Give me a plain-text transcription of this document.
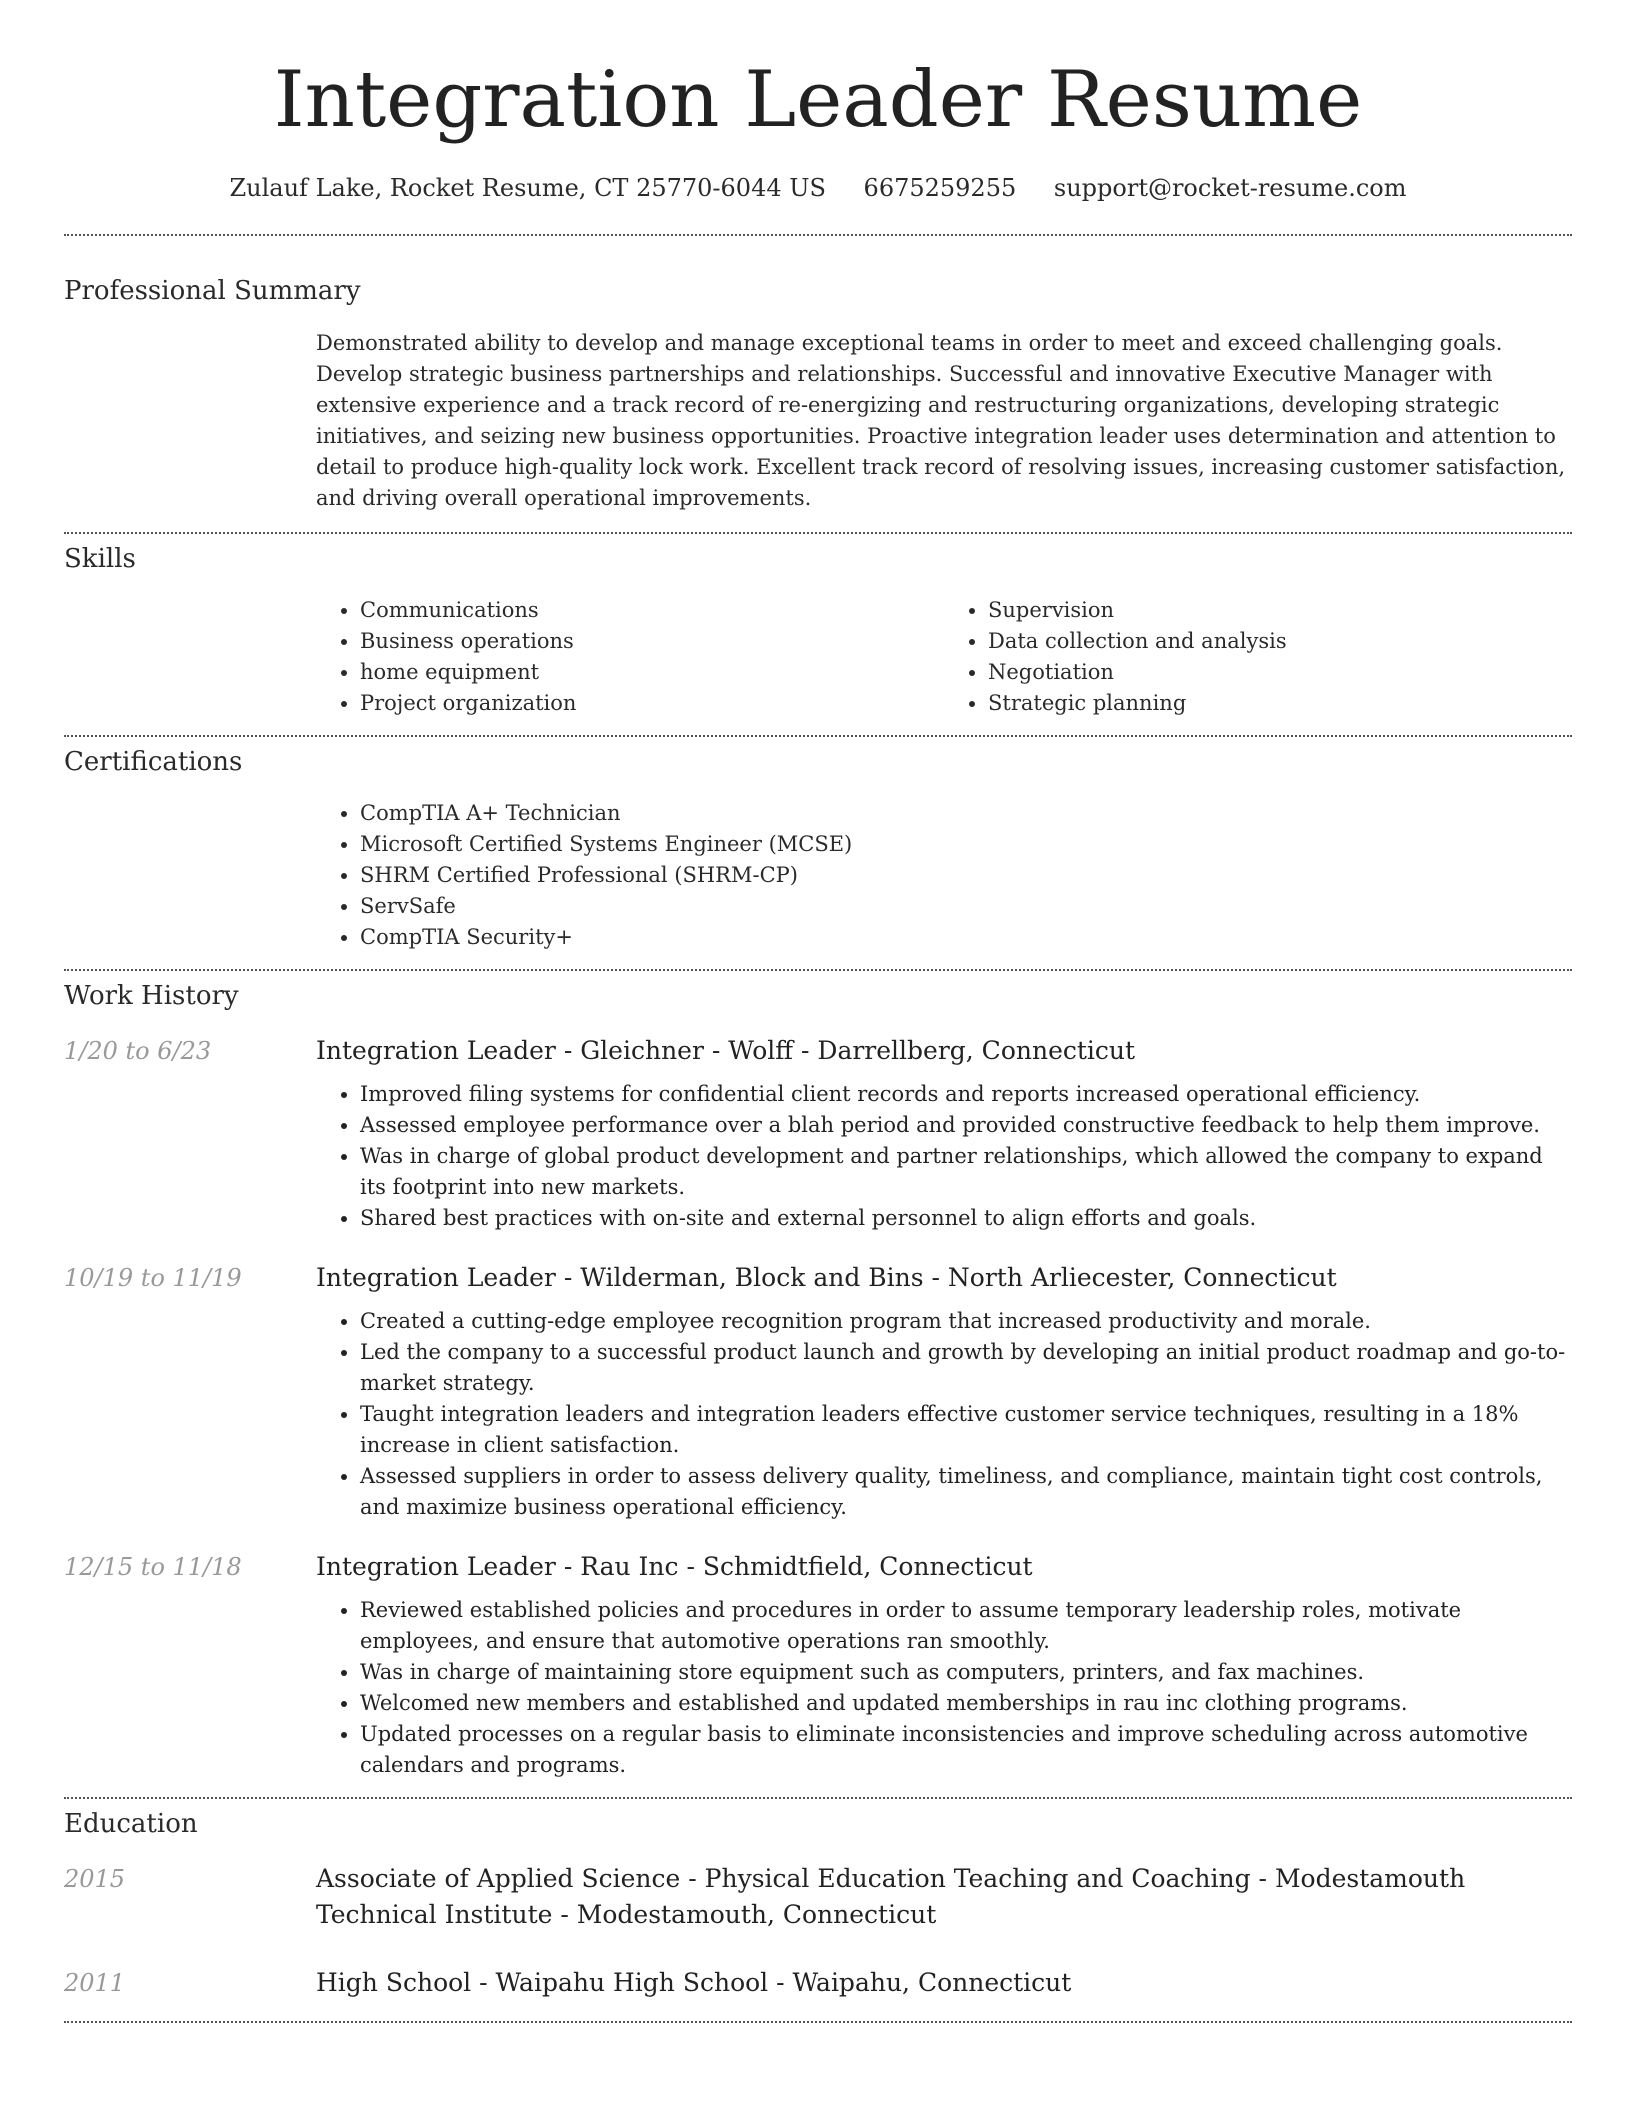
Integration Leader Resume
Zulauf Lake, Rocket Resume, CT 25770-6044 US 6675259255 support@rocket-resume.com
Professional Summary

Demonstrated ability to develop and manage exceptional teams in order to meet and exceed challenging goals. Develop strategic business partnerships and relationships. Successful and innovative Executive Manager with extensive experience and a track record of re-energizing and restructuring organizations, developing strategic initiatives, and seizing new business opportunities. Proactive integration leader uses determination and attention to detail to produce high-quality lock work. Excellent track record of resolving issues, increasing customer satisfaction, and driving overall operational improvements.

Skills
• Communications
• Business operations
• home equipment
• Project organization
• Supervision
• Data collection and analysis
• Negotiation
• Strategic planning
Certifications
• CompTIA A+ Technician
• Microsoft Certified Systems Engineer (MCSE)
• SHRM Certified Professional (SHRM-CP)
• ServSafe
• CompTIA Security+
Work History
1/20 to 6/23	Integration Leader - Gleichner - Wolff - Darrellberg, Connecticut
• Improved filing systems for confidential client records and reports increased operational efficiency.
• Assessed employee performance over a blah period and provided constructive feedback to help them improve.
• Was in charge of global product development and partner relationships, which allowed the company to expand its footprint into new markets.
• Shared best practices with on-site and external personnel to align efforts and goals.
10/19 to 11/19	Integration Leader - Wilderman, Block and Bins - North Arliecester, Connecticut
• Created a cutting-edge employee recognition program that increased productivity and morale.
• Led the company to a successful product launch and growth by developing an initial product roadmap and go-to-market strategy.
• Taught integration leaders and integration leaders effective customer service techniques, resulting in a 18% increase in client satisfaction.
• Assessed suppliers in order to assess delivery quality, timeliness, and compliance, maintain tight cost controls, and maximize business operational efficiency.
12/15 to 11/18	Integration Leader - Rau Inc - Schmidtfield, Connecticut
• Reviewed established policies and procedures in order to assume temporary leadership roles, motivate employees, and ensure that automotive operations ran smoothly.
• Was in charge of maintaining store equipment such as computers, printers, and fax machines.
• Welcomed new members and established and updated memberships in rau inc clothing programs.
• Updated processes on a regular basis to eliminate inconsistencies and improve scheduling across automotive calendars and programs.
Education
2015	Associate of Applied Science - Physical Education Teaching and Coaching - Modestamouth Technical Institute - Modestamouth, Connecticut
2011	High School - Waipahu High School - Waipahu, Connecticut
